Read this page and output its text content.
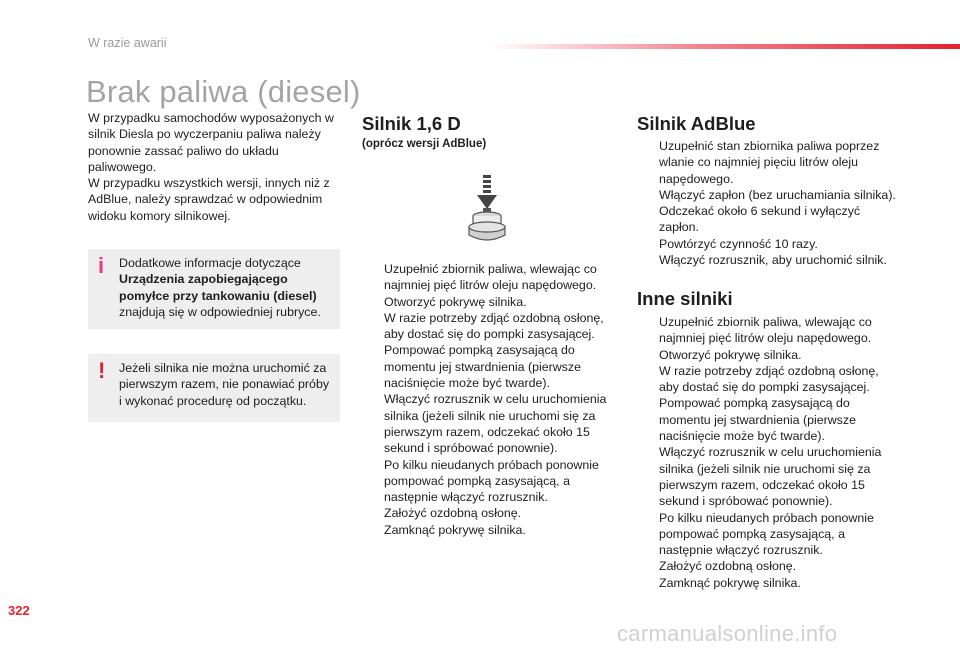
W razie awarii
Brak paliwa (diesel)

W przypadku samochodów wyposażonych w silnik Diesla po wyczerpaniu paliwa należy ponownie zassać paliwo do układu paliwowego.

W przypadku wszystkich wersji, innych niż z AdBlue, należy sprawdzać w odpowiednim widoku komory silnikowej.

i Dodatkowe informacje dotyczące Urządzenia zapobiegającego pomyłce przy tankowaniu (diesel) znajdują się w odpowiedniej rubryce.
! Jeżeli silnika nie można uruchomić za pierwszym razem, nie ponawiać próby i wykonać procedurę od początku.
Silnik 1,6 D
(oprócz wersji AdBlue)
Uzupełnić zbiornik paliwa, wlewając co najmniej pięć litrów oleju napędowego.
Otworzyć pokrywę silnika.
W razie potrzeby zdjąć ozdobną osłonę, aby dostać się do pompki zasysającej.
Pompować pompką zasysającą do momentu jej stwardnienia (pierwsze naciśnięcie może być twarde).
Włączyć rozrusznik w celu uruchomienia silnika (jeżeli silnik nie uruchomi się za pierwszym razem, odczekać około 15 sekund i spróbować ponownie).
Po kilku nieudanych próbach ponownie pompować pompką zasysającą, a następnie włączyć rozrusznik.
Założyć ozdobną osłonę.
Zamknąć pokrywę silnika.
Silnik AdBlue
Uzupełnić stan zbiornika paliwa poprzez wlanie co najmniej pięciu litrów oleju napędowego.
Włączyć zapłon (bez uruchamiania silnika).
Odczekać około 6 sekund i wyłączyć zapłon.
Powtórzyć czynność 10 razy.
Włączyć rozrusznik, aby uruchomić silnik.
Inne silniki
Uzupełnić zbiornik paliwa, wlewając co najmniej pięć litrów oleju napędowego.
Otworzyć pokrywę silnika.
W razie potrzeby zdjąć ozdobną osłonę, aby dostać się do pompki zasysającej.
Pompować pompką zasysającą do momentu jej stwardnienia (pierwsze naciśnięcie może być twarde).
Włączyć rozrusznik w celu uruchomienia silnika (jeżeli silnik nie uruchomi się za pierwszym razem, odczekać około 15 sekund i spróbować ponownie).
Po kilku nieudanych próbach ponownie pompować pompką zasysającą, a następnie włączyć rozrusznik.
Założyć ozdobną osłonę.
Zamknąć pokrywę silnika.
322
carmanualsonline.info
